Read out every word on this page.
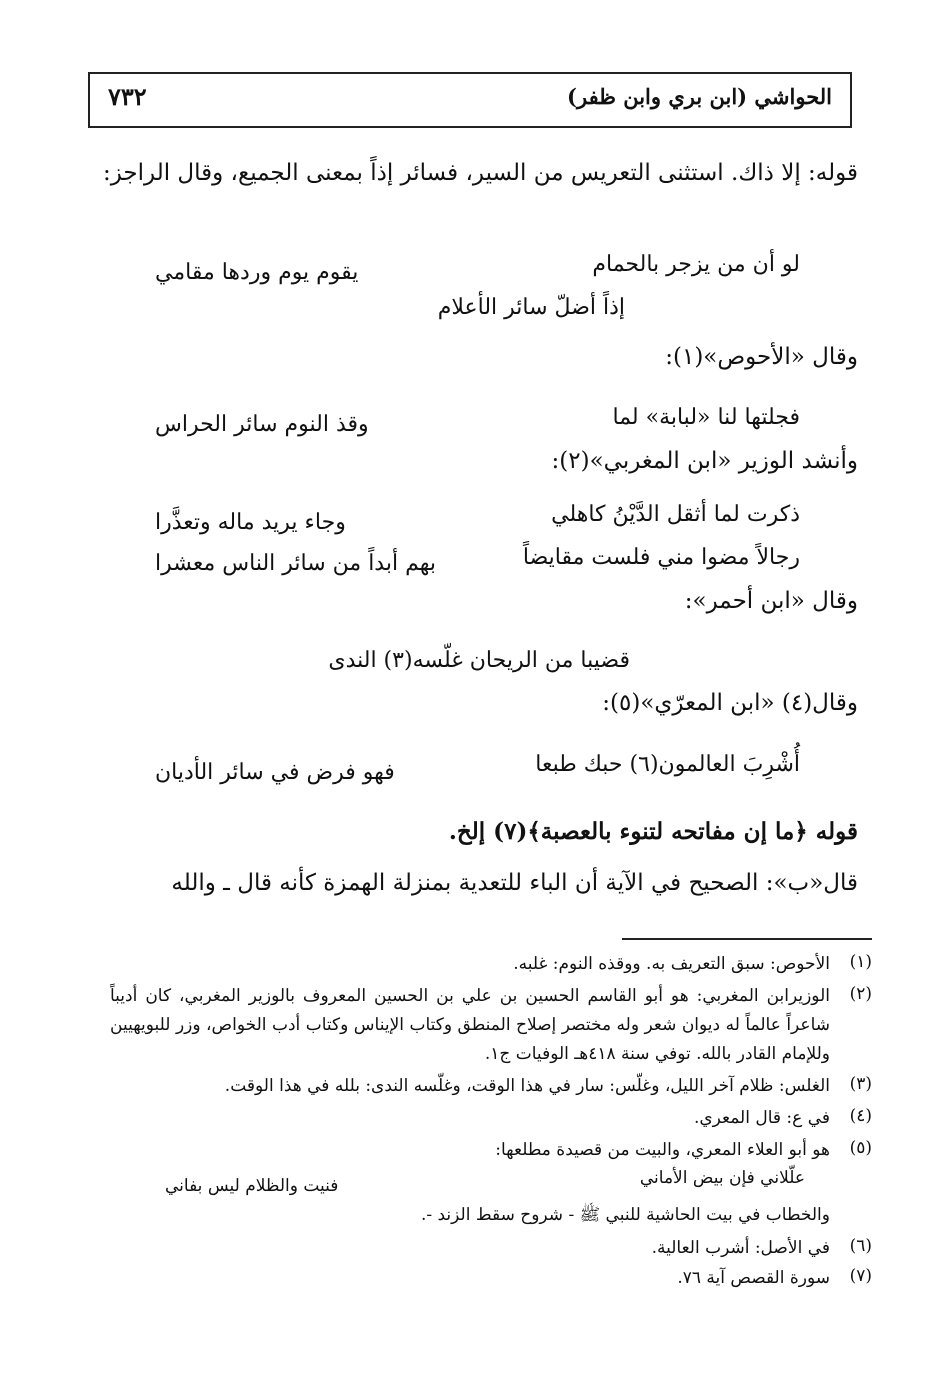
الحواشي (ابن بري وابن ظفر)
٧٣٢
قوله: إلا ذاك. استثنى التعريس من السير، فسائر إذاً بمعنى الجميع، وقال الراجز:
لو أن من يزجر بالحمام
يقوم يوم وردها مقامي
إذاً أضلّ سائر الأعلام
وقال «الأحوص»(١):
فجلتها لنا «لبابة» لما
وقذ النوم سائر الحراس
وأنشد الوزير «ابن المغربي»(٢):
ذكرت لما أثقل الدَّيْنُ كاهلي
وجاء يريد ماله وتعذَّرا
رجالاً مضوا مني فلست مقايضاً
بهم أبداً من سائر الناس معشرا
وقال «ابن أحمر»:
قضيبا من الريحان غلّسه(٣) الندى
وقال(٤) «ابن المعرّي»(٥):
أُشْرِبَ العالمون(٦) حبك طبعا
فهو فرض في سائر الأديان
قوله ﴿ما إن مفاتحه لتنوء بالعصبة﴾(٧) إلخ.
قال«ب»: الصحيح في الآية أن الباء للتعدية بمنزلة الهمزة كأنه قال ـ والله
(١)
الأحوص: سبق التعريف به. ووقذه النوم: غلبه.
(٢)
الوزيرابن المغربي: هو أبو القاسم الحسين بن علي بن الحسين المعروف بالوزير المغربي، كان أديباً شاعراً عالماً له ديوان شعر وله مختصر إصلاح المنطق وكتاب الإيناس وكتاب أدب الخواص، وزر للبويهيين وللإمام القادر بالله. توفي سنة ٤١٨هـ الوفيات ج١.
(٣)
الغلس: ظلام آخر الليل، وغلّس: سار في هذا الوقت، وغلّسه الندى: بلله في هذا الوقت.
(٤)
في ع: قال المعري.
(٥)
هو أبو العلاء المعري، والبيت من قصيدة مطلعها:
علّلاني فإن بيض الأماني
فنيت والظلام ليس بفاني
والخطاب في بيت الحاشية للنبي ﷺ - شروح سقط الزند -.
(٦)
في الأصل: أشرب العالية.
(٧)
سورة القصص آية ٧٦.
